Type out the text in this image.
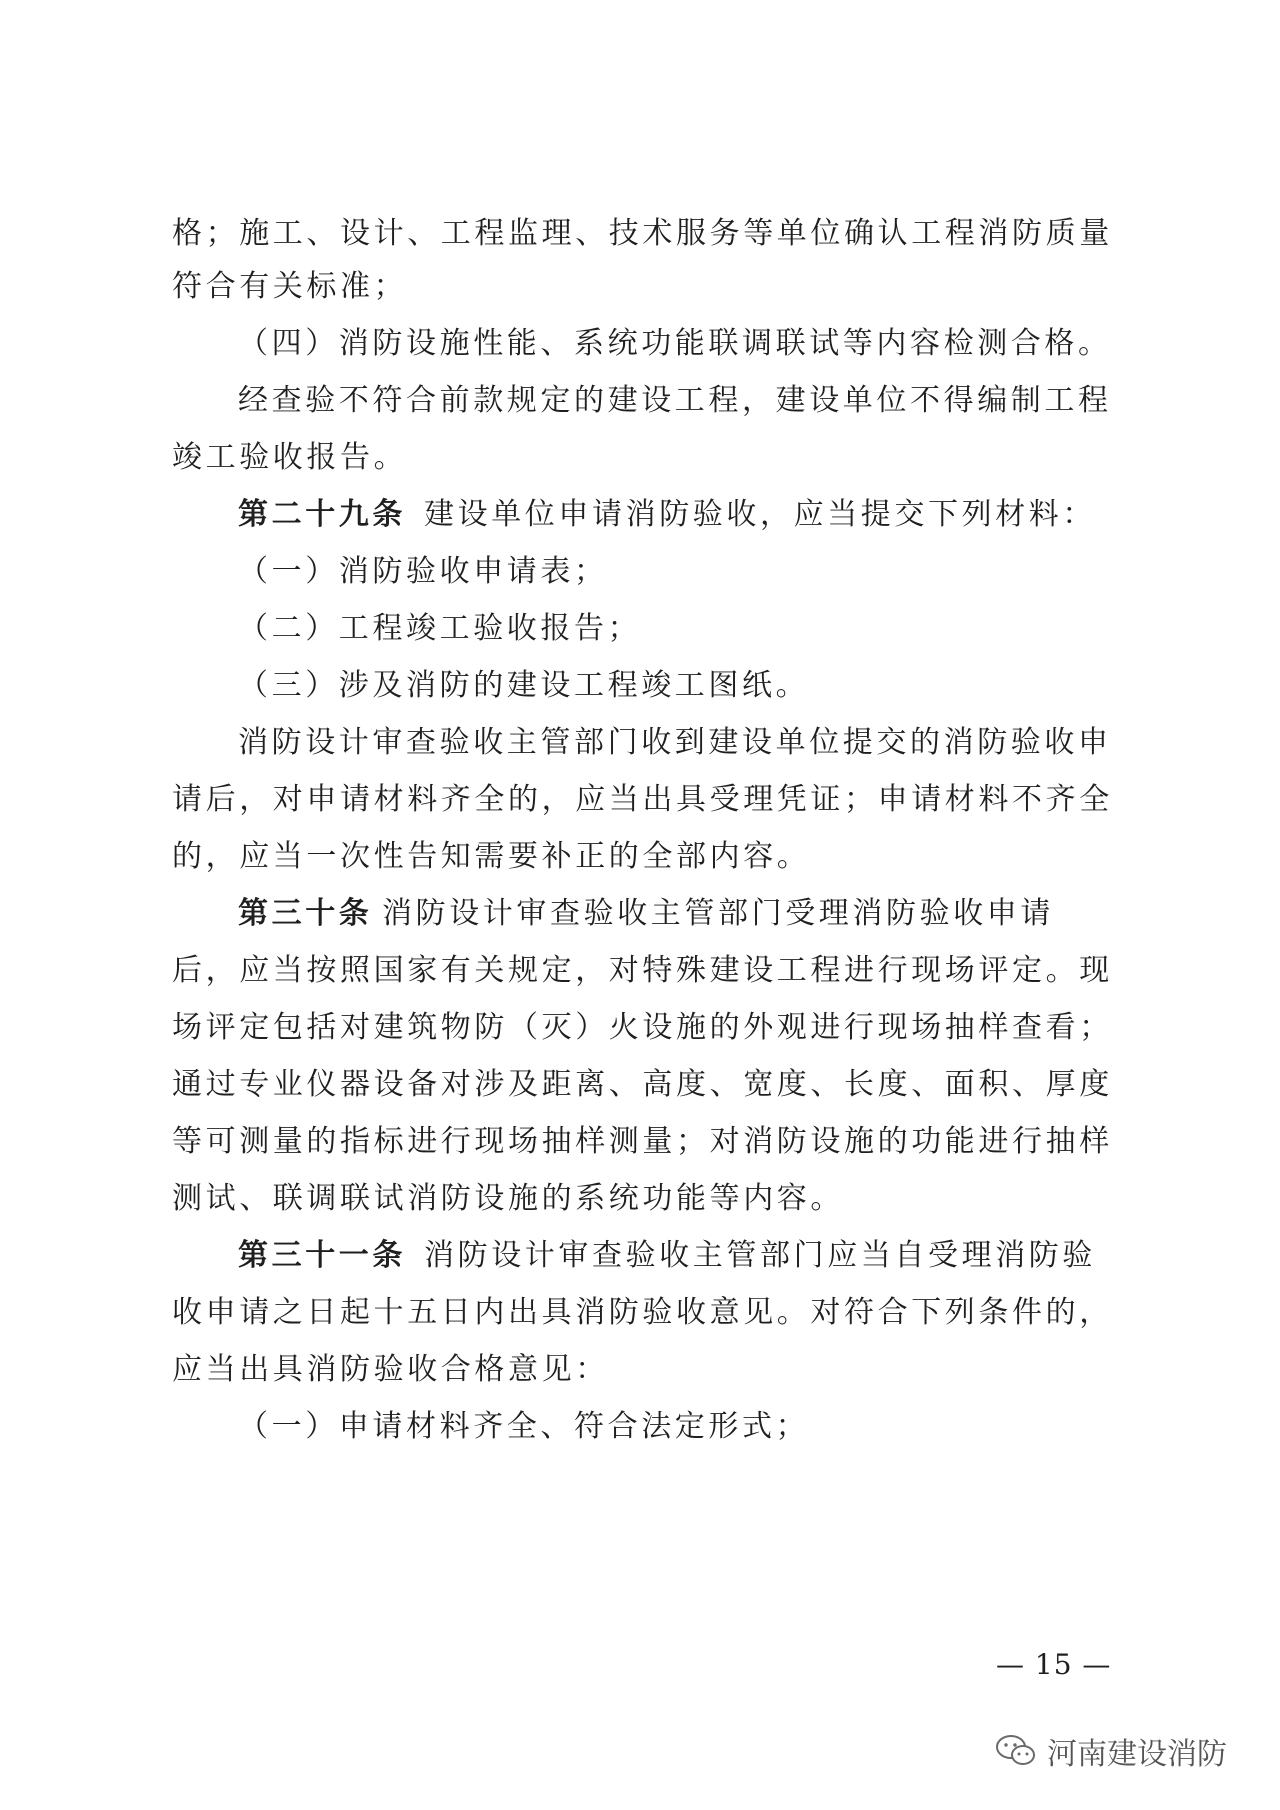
格；施工、设计、工程监理、技术服务等单位确认工程消防质量
符合有关标准；
（四）消防设施性能、系统功能联调联试等内容检测合格。
经查验不符合前款规定的建设工程，建设单位不得编制工程
竣工验收报告。
第二十九条 建设单位申请消防验收，应当提交下列材料：
（一）消防验收申请表；
（二）工程竣工验收报告；
（三）涉及消防的建设工程竣工图纸。
消防设计审查验收主管部门收到建设单位提交的消防验收申
请后，对申请材料齐全的，应当出具受理凭证；申请材料不齐全
的，应当一次性告知需要补正的全部内容。
第三十条 消防设计审查验收主管部门受理消防验收申请
后，应当按照国家有关规定，对特殊建设工程进行现场评定。现
场评定包括对建筑物防（灭）火设施的外观进行现场抽样查看；
通过专业仪器设备对涉及距离、高度、宽度、长度、面积、厚度
等可测量的指标进行现场抽样测量；对消防设施的功能进行抽样
测试、联调联试消防设施的系统功能等内容。
第三十一条 消防设计审查验收主管部门应当自受理消防验
收申请之日起十五日内出具消防验收意见。对符合下列条件的，
应当出具消防验收合格意见：
（一）申请材料齐全、符合法定形式；
— 15 —
河南建设消防
